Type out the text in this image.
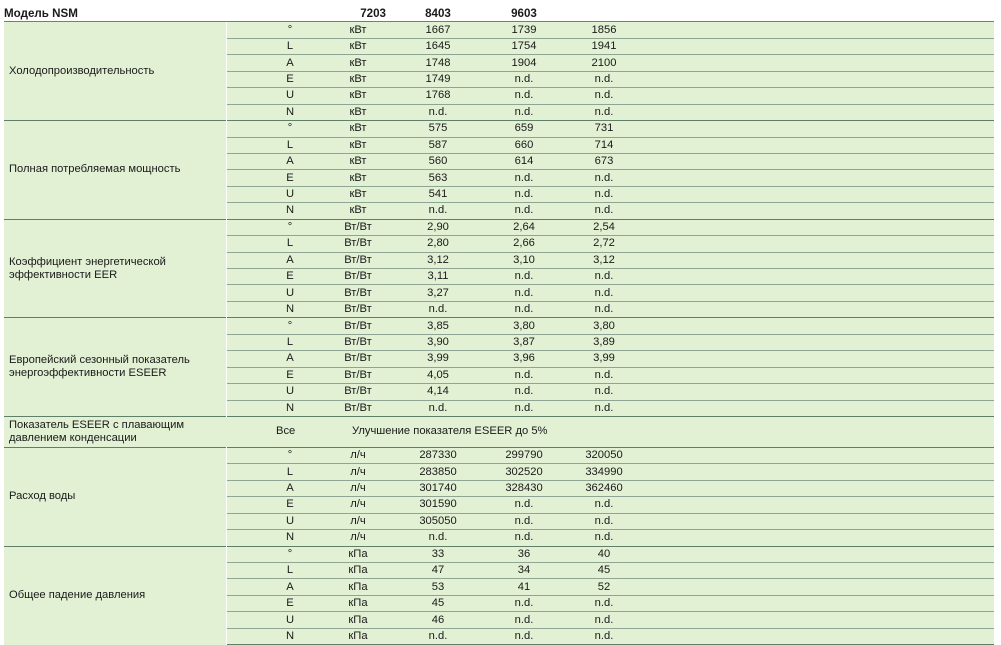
Модель NSM			7203	8403	9603		
Холодопроизводительность		°	кВт	1667	1739	1856	
		L	кВт	1645	1754	1941	
		A	кВт	1748	1904	2100	
		E	кВт	1749	n.d.	n.d.	
		U	кВт	1768	n.d.	n.d.	
		N	кВт	n.d.	n.d.	n.d.	
Полная потребляемая мощность		°	кВт	575	659	731	
		L	кВт	587	660	714	
		A	кВт	560	614	673	
		E	кВт	563	n.d.	n.d.	
		U	кВт	541	n.d.	n.d.	
		N	кВт	n.d.	n.d.	n.d.	
Коэффициент энергетической эффективности EER		°	Вт/Вт	2,90	2,64	2,54	
		L	Вт/Вт	2,80	2,66	2,72	
		A	Вт/Вт	3,12	3,10	3,12	
		E	Вт/Вт	3,11	n.d.	n.d.	
		U	Вт/Вт	3,27	n.d.	n.d.	
		N	Вт/Вт	n.d.	n.d.	n.d.	
Европейский сезонный показатель энергоэффективности ESEER		°	Вт/Вт	3,85	3,80	3,80	
		L	Вт/Вт	3,90	3,87	3,89	
		A	Вт/Вт	3,99	3,96	3,99	
		E	Вт/Вт	4,05	n.d.	n.d.	
		U	Вт/Вт	4,14	n.d.	n.d.	
		N	Вт/Вт	n.d.	n.d.	n.d.	
Показатель ESEER с плавающим давлением конденсации	Все		Улучшение показателя ESEER до 5%				
Расход воды		°	л/ч	287330	299790	320050	
		L	л/ч	283850	302520	334990	
		A	л/ч	301740	328430	362460	
		E	л/ч	301590	n.d.	n.d.	
		U	л/ч	305050	n.d.	n.d.	
		N	л/ч	n.d.	n.d.	n.d.	
Общее падение давления		°	кПа	33	36	40	
		L	кПа	47	34	45	
		A	кПа	53	41	52	
		E	кПа	45	n.d.	n.d.	
		U	кПа	46	n.d.	n.d.	
		N	кПа	n.d.	n.d.	n.d.	
